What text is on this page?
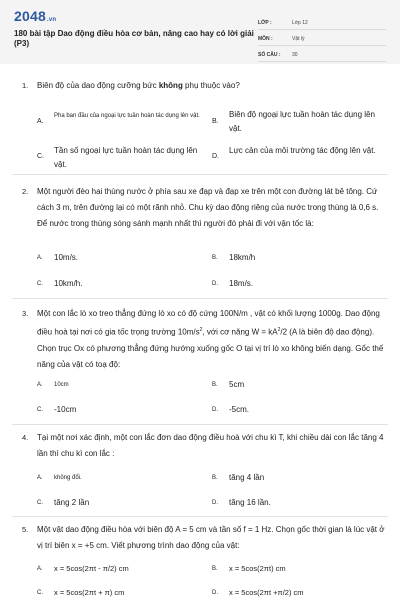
2048.vn
180 bài tập Dao động điều hòa cơ bản, nâng cao hay có lời giải (P3)
LỚP :	Lớp 12
MÔN :	Vật lý
SỐ CÂU :	30
1. Biên độ của dao động cưỡng bức không phụ thuộc vào?
A.
Pha ban đầu của ngoại lực tuần hoàn tác dụng lên vật.
B.
Biên độ ngoại lực tuần hoàn tác dụng lên vật.
C.
Tần số ngoại lực tuần hoàn tác dụng lên vật.
D.
Lực cản của môi trường tác động lên vật.
2. Một người đèo hai thùng nước ở phía sau xe đạp và đạp xe trên một con đường lát bê tông. Cứ cách 3 m, trên đường lại có một rãnh nhỏ. Chu kỳ dao động riêng của nước trong thùng là 0,6 s. Để nước trong thùng sóng sánh mạnh nhất thì người đó phải đi với vận tốc là:
A. 10m/s.	B. 18km/h
C. 10km/h.	D. 18m/s.
3. Một con lắc lò xo treo thẳng đứng lò xo có độ cứng 100N/m , vật có khối lượng 1000g. Dao động điều hoà tại nơi có gia tốc trọng trường $10m/s^2$, với cơ năng $W = kA^2/2$ (A là biên độ dao động). Chọn trục Ox có phương thẳng đứng hướng xuống gốc O tại vị trí lò xo không biến dạng. Gốc thế năng của vật có toạ độ:
A. 10cm	B. 5cm
C. -10cm	D. -5cm.
4. Tại một nơi xác định, một con lắc đơn dao động điều hoà với chu kì T, khi chiều dài con lắc tăng 4 lần thì chu kì con lắc :
A. không đổi.	B. tăng 4 lần
C. tăng 2 lần	D. tăng 16 lần.
5. Một vật dao động điều hòa với biên độ A = 5 cm và tần số f = 1 Hz. Chọn gốc thời gian là lúc vật ở vị trí biên x = +5 cm. Viết phương trình dao động của vật:
A. x = 5cos(2πt - π/2) cm	B. x = 5cos(2πt) cm
C. x = 5cos(2πt + π) cm	D. x = 5cos(2πt +π/2) cm
